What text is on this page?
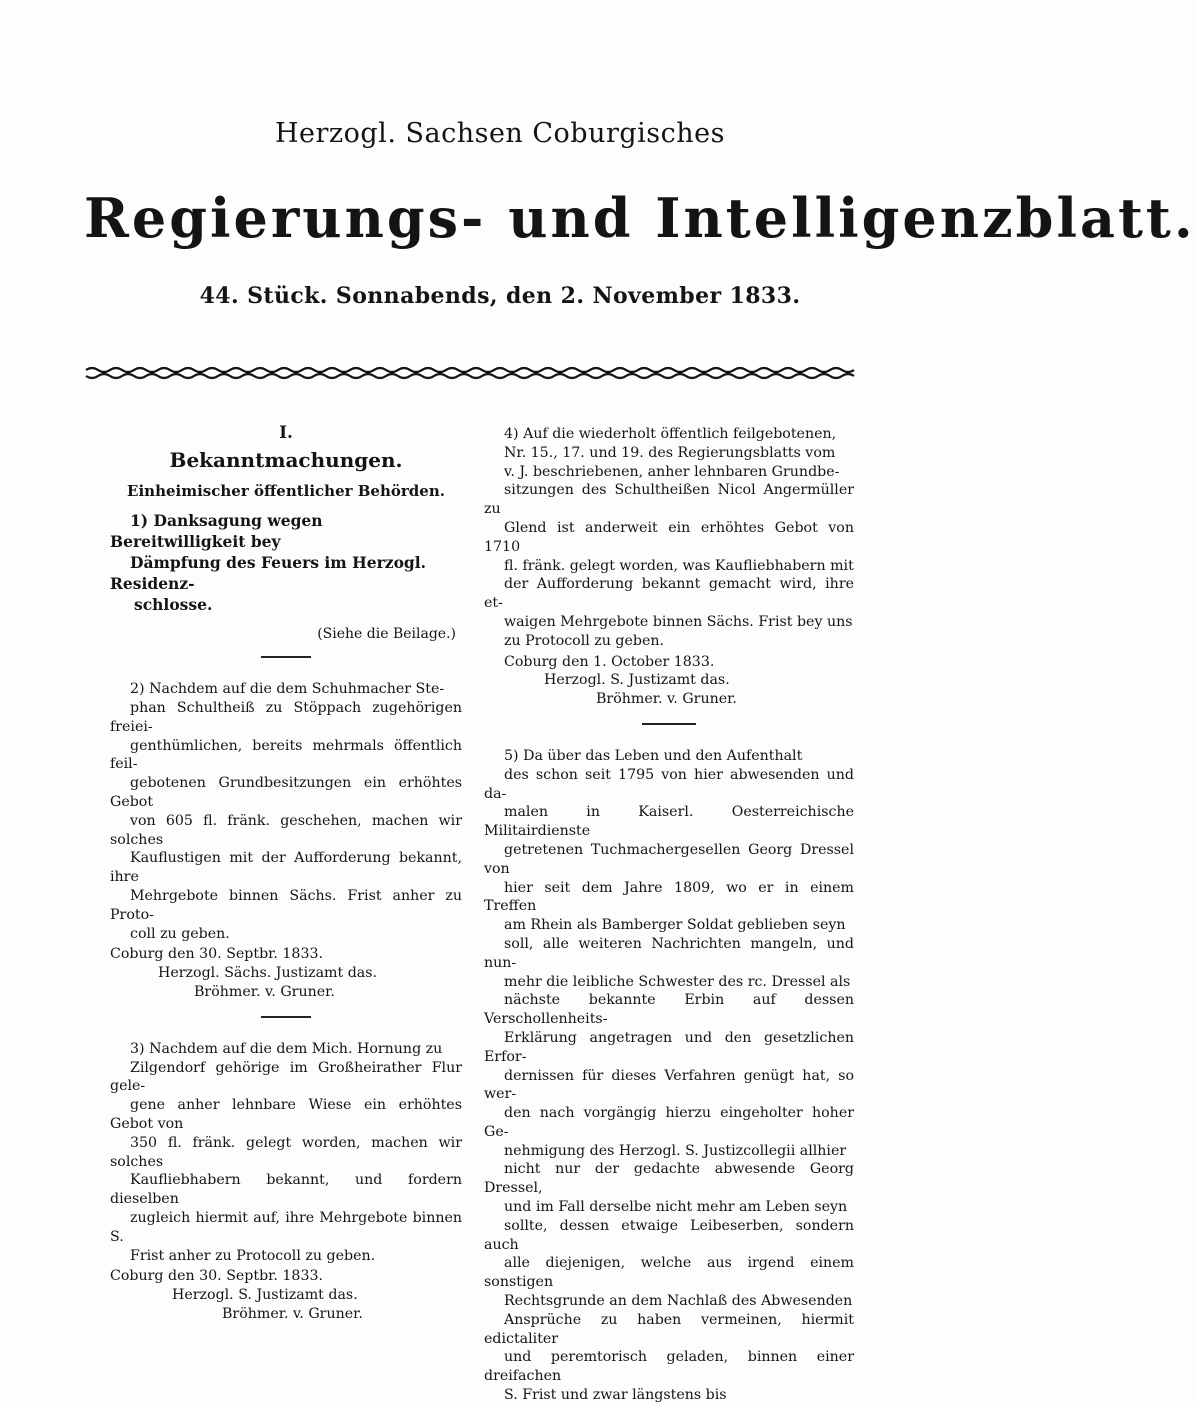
Herzogl. Sachsen Coburgisches
Regierungs- und Intelligenzblatt.
44. Stück. Sonnabends, den 2. November 1833.
I.
Bekanntmachungen.
Einheimischer öffentlicher Behörden.
1) Danksagung wegen Bereitwilligkeit bey
Dämpfung des Feuers im Herzogl. Residenz-
schlosse.
(Siehe die Beilage.)

2) Nachdem auf die dem Schuhmacher Ste-
phan Schultheiß zu Stöppach zugehörigen freiei-
genthümlichen, bereits mehrmals öffentlich feil-
gebotenen Grundbesitzungen ein erhöhtes Gebot
von 605 fl. fränk. geschehen, machen wir solches
Kauflustigen mit der Aufforderung bekannt, ihre
Mehrgebote binnen Sächs. Frist anher zu Proto-
coll zu geben.

Coburg den 30. Septbr. 1833.
Herzogl. Sächs. Justizamt das.
Bröhmer. v. Gruner.

3) Nachdem auf die dem Mich. Hornung zu
Zilgendorf gehörige im Großheirather Flur gele-
gene anher lehnbare Wiese ein erhöhtes Gebot von
350 fl. fränk. gelegt worden, machen wir solches
Kaufliebhabern bekannt, und fordern dieselben
zugleich hiermit auf, ihre Mehrgebote binnen S.
Frist anher zu Protocoll zu geben.

Coburg den 30. Septbr. 1833.
Herzogl. S. Justizamt das.
Bröhmer. v. Gruner.

4) Auf die wiederholt öffentlich feilgebotenen,
Nr. 15., 17. und 19. des Regierungsblatts vom
v. J. beschriebenen, anher lehnbaren Grundbe-
sitzungen des Schultheißen Nicol Angermüller zu
Glend ist anderweit ein erhöhtes Gebot von 1710
fl. fränk. gelegt worden, was Kaufliebhabern mit
der Aufforderung bekannt gemacht wird, ihre et-
waigen Mehrgebote binnen Sächs. Frist bey uns
zu Protocoll zu geben.

Coburg den 1. October 1833.
Herzogl. S. Justizamt das.
Bröhmer. v. Gruner.

5) Da über das Leben und den Aufenthalt
des schon seit 1795 von hier abwesenden und da-
malen in Kaiserl. Oesterreichische Militairdienste
getretenen Tuchmachergesellen Georg Dressel von
hier seit dem Jahre 1809, wo er in einem Treffen
am Rhein als Bamberger Soldat geblieben seyn
soll, alle weiteren Nachrichten mangeln, und nun-
mehr die leibliche Schwester des rc. Dressel als
nächste bekannte Erbin auf dessen Verschollenheits-
Erklärung angetragen und den gesetzlichen Erfor-
dernissen für dieses Verfahren genügt hat, so wer-
den nach vorgängig hierzu eingeholter hoher Ge-
nehmigung des Herzogl. S. Justizcollegii allhier
nicht nur der gedachte abwesende Georg Dressel,
und im Fall derselbe nicht mehr am Leben seyn
sollte, dessen etwaige Leibeserben, sondern auch
alle diejenigen, welche aus irgend einem sonstigen
Rechtsgrunde an dem Nachlaß des Abwesenden
Ansprüche zu haben vermeinen, hiermit edictaliter
und peremtorisch geladen, binnen einer dreifachen
S. Frist und zwar längstens bis
